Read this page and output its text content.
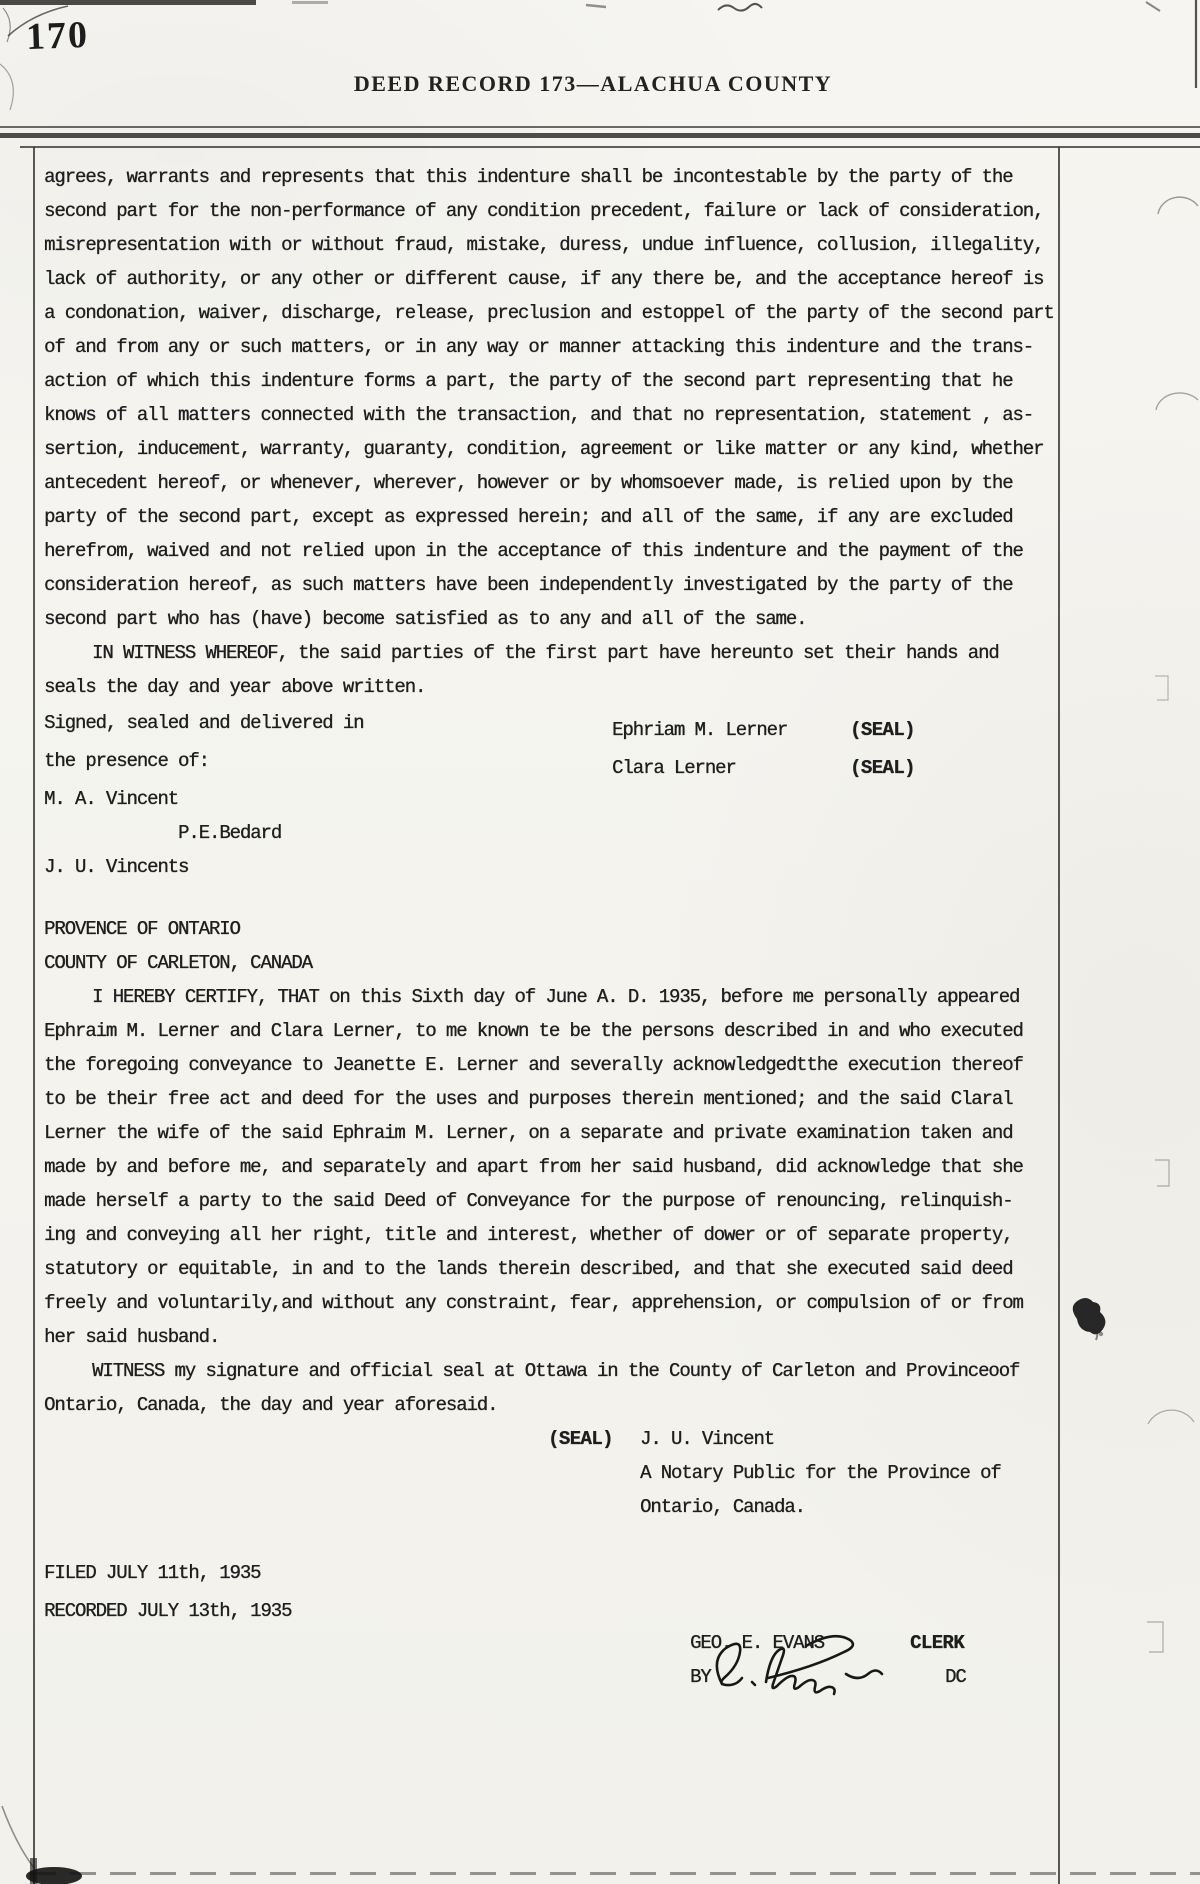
170
DEED RECORD 173—ALACHUA COUNTY
agrees, warrants and represents that this indenture shall be incontestable by the party of the
second part for the non-performance of any condition precedent, failure or lack of consideration,
misrepresentation with or without fraud, mistake, duress, undue influence, collusion, illegality,
lack of authority, or any other or different cause, if any there be, and the acceptance hereof is
a condonation, waiver, discharge, release, preclusion and estoppel of the party of the second part
of and from any or such matters, or in any way or manner attacking this indenture and the trans-
action of which this indenture forms a part, the party of the second part representing that he
knows of all matters connected with the transaction, and that no representation, statement , as-
sertion, inducement, warranty, guaranty, condition, agreement or like matter or any kind, whether
antecedent hereof, or whenever, wherever, however or by whomsoever made, is relied upon by the
party of the second part, except as expressed herein; and all of the same, if any are excluded
herefrom, waived and not relied upon in the acceptance of this indenture and the payment of the
consideration hereof, as such matters have been independently investigated by the party of the
second part who has (have) become satisfied as to any and all of the same.
IN WITNESS WHEREOF, the said parties of the first part have hereunto set their hands and
seals the day and year above written.
Signed, sealed and delivered in	Ephriam M. Lerner	(SEAL)
the presence of:	Clara Lerner	(SEAL)
M. A. Vincent
P.E.Bedard
J. U. Vincents
PROVENCE OF ONTARIO
COUNTY OF CARLETON, CANADA
I HEREBY CERTIFY, THAT on this Sixth day of June A. D. 1935, before me personally appeared
Ephraim M. Lerner and Clara Lerner, to me known te be the persons described in and who executed
the foregoing conveyance to Jeanette E. Lerner and severally acknowledgedtthe execution thereof
to be their free act and deed for the uses and purposes therein mentioned; and the said Claral
Lerner the wife of the said Ephraim M. Lerner, on a separate and private examination taken and
made by and before me, and separately and apart from her said husband, did acknowledge that she
made herself a party to the said Deed of Conveyance for the purpose of renouncing, relinquish-
ing and conveying all her right, title and interest, whether of dower or of separate property,
statutory or equitable, in and to the lands therein described, and that she executed said deed
freely and voluntarily,and without any constraint, fear, apprehension, or compulsion of or from
her said husband.
WITNESS my signature and official seal at Ottawa in the County of Carleton and Provinceoof
Ontario, Canada, the day and year aforesaid.
(SEAL) J. U. Vincent
A Notary Public for the Province of
Ontario, Canada.
FILED JULY 11th, 1935
RECORDED JULY 13th, 1935
GEO. E. EVANS	CLERK
BY	DC
